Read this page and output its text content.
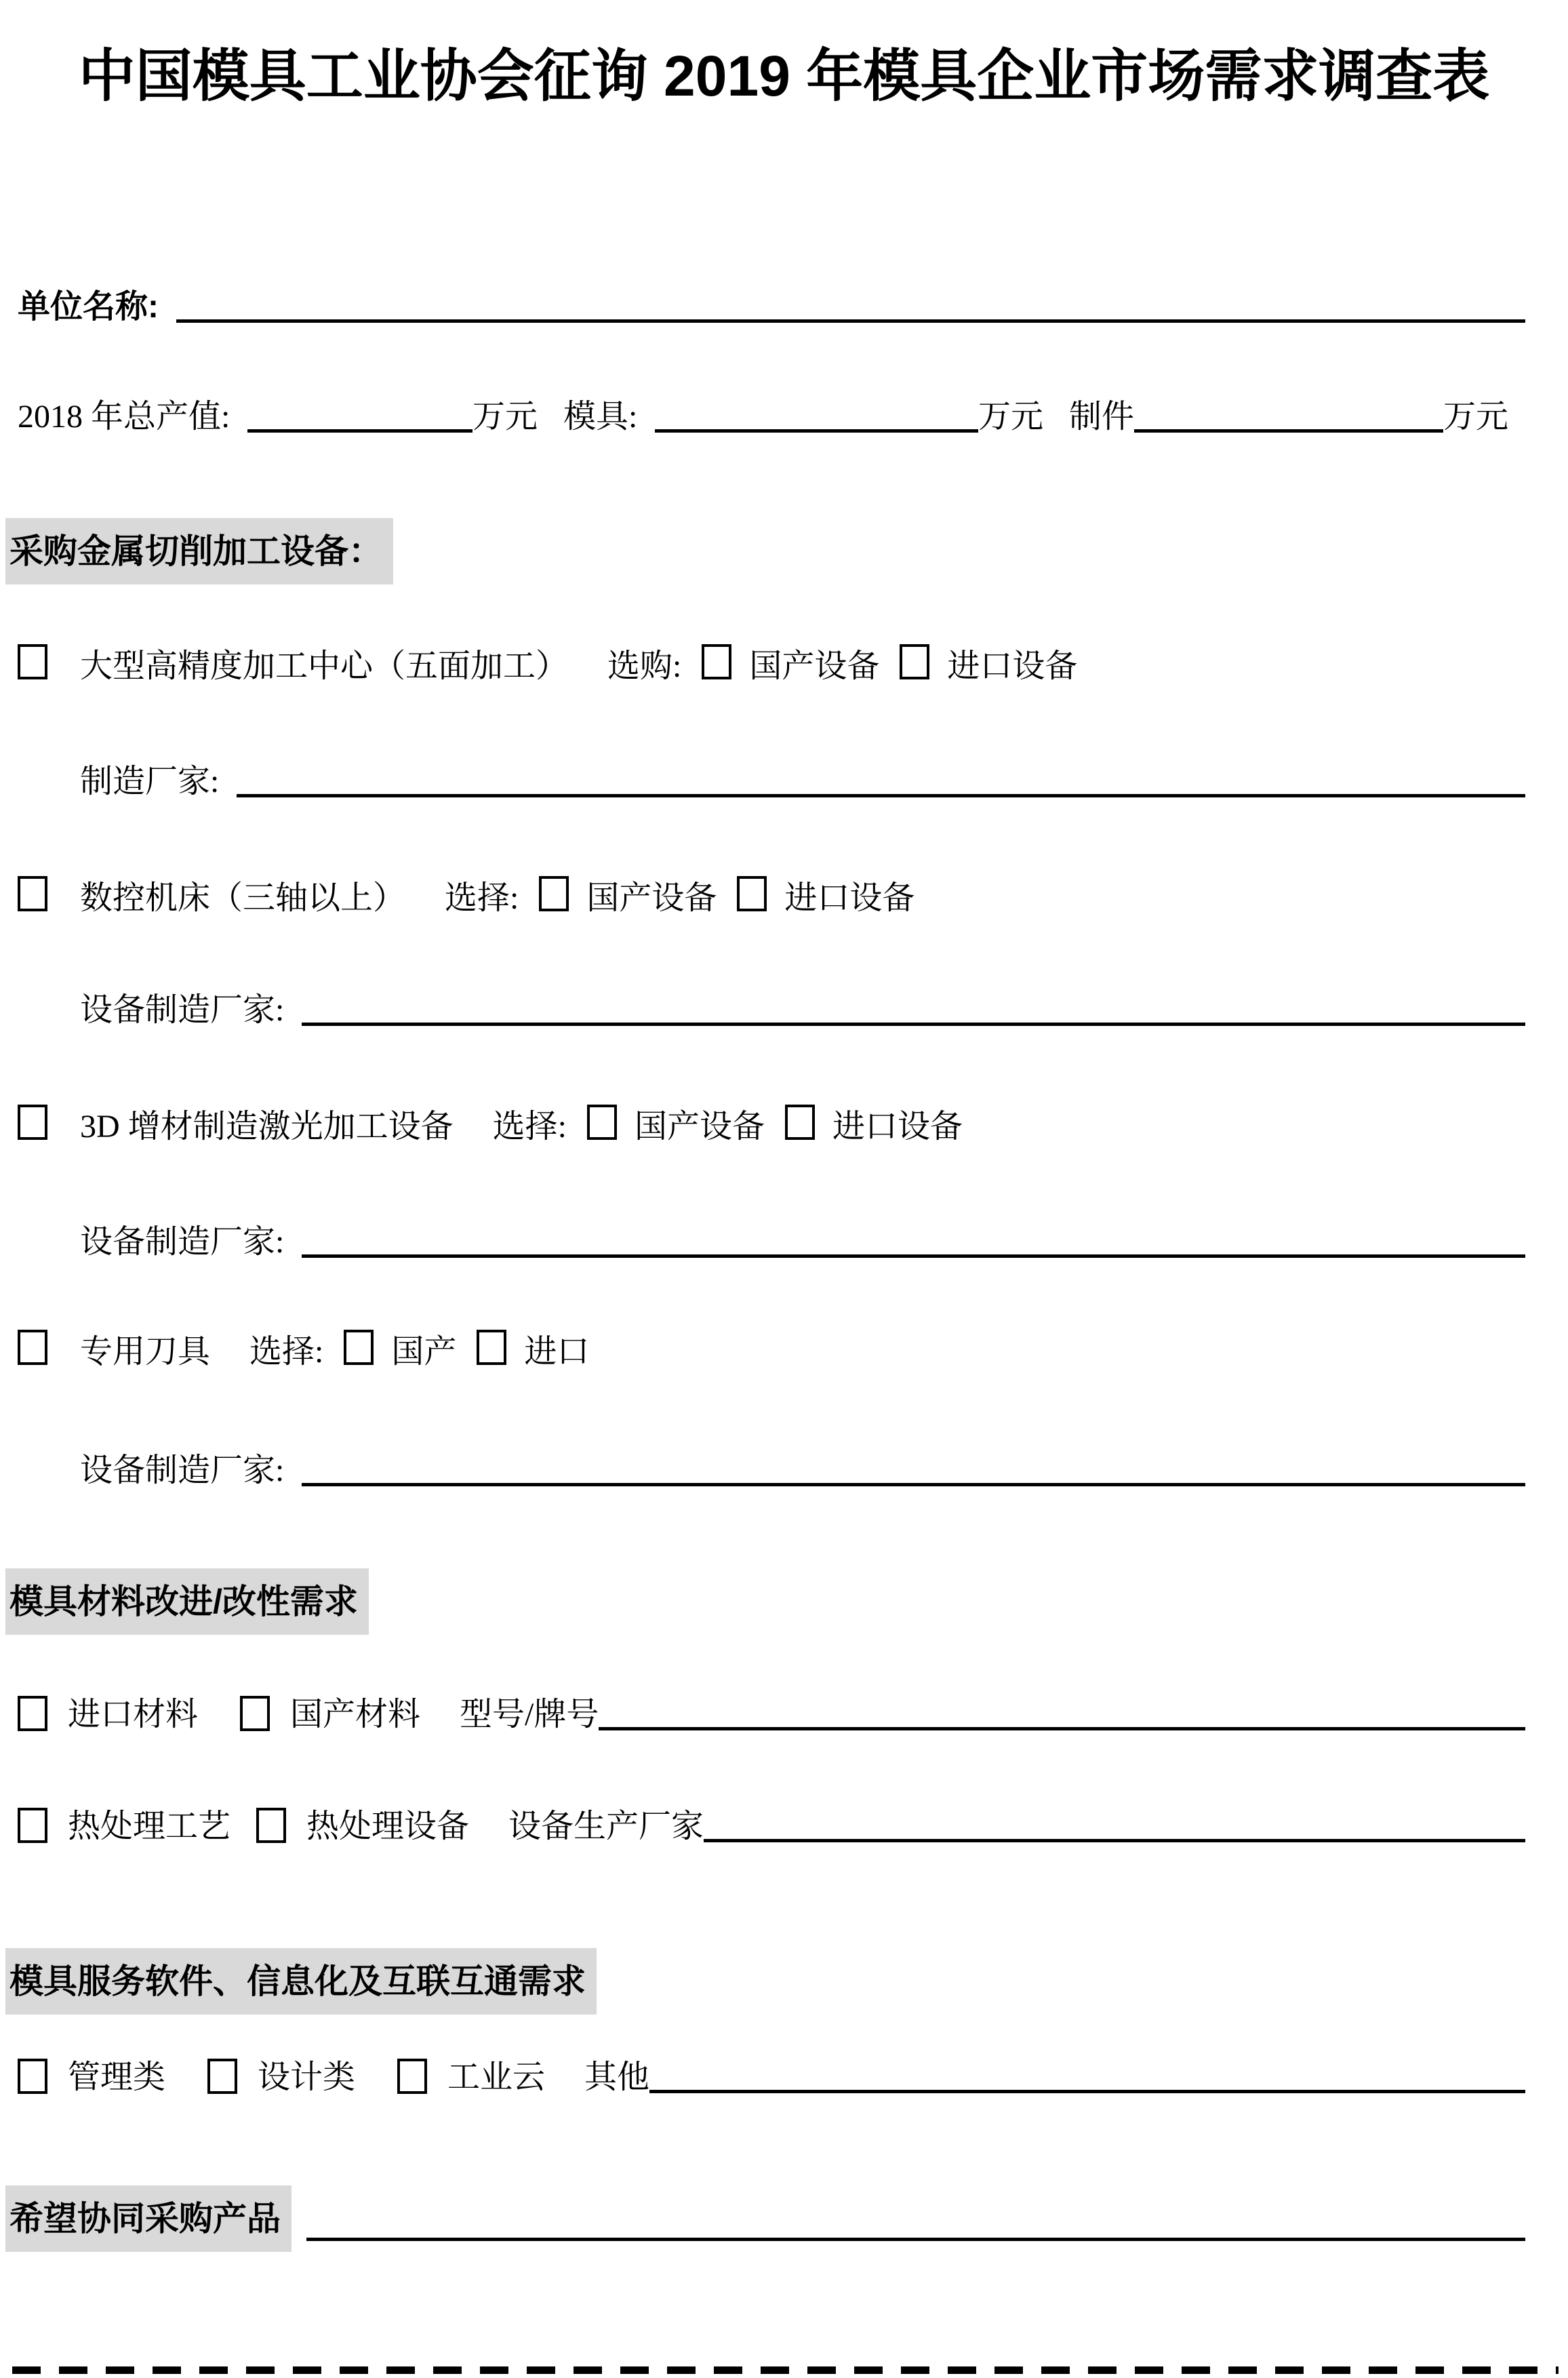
中国模具工业协会征询 2019 年模具企业市场需求调查表
单位名称:
2018 年总产值:	万元 模具:	万元 制件	万元
采购金属切削加工设备：
大型高精度加工中心（五面加工） 选购: 国产设备 进口设备
制造厂家:
数控机床（三轴以上） 选择: 国产设备 进口设备
设备制造厂家:
3D 增材制造激光加工设备 选择: 国产设备 进口设备
设备制造厂家:
专用刀具 选择: 国产 进口
设备制造厂家:
模具材料改进/改性需求
进口材料	国产材料 型号/牌号
热处理工艺 热处理设备 设备生产厂家
模具服务软件、信息化及互联互通需求
管理类	设计类	工业云 其他
希望协同采购产品
